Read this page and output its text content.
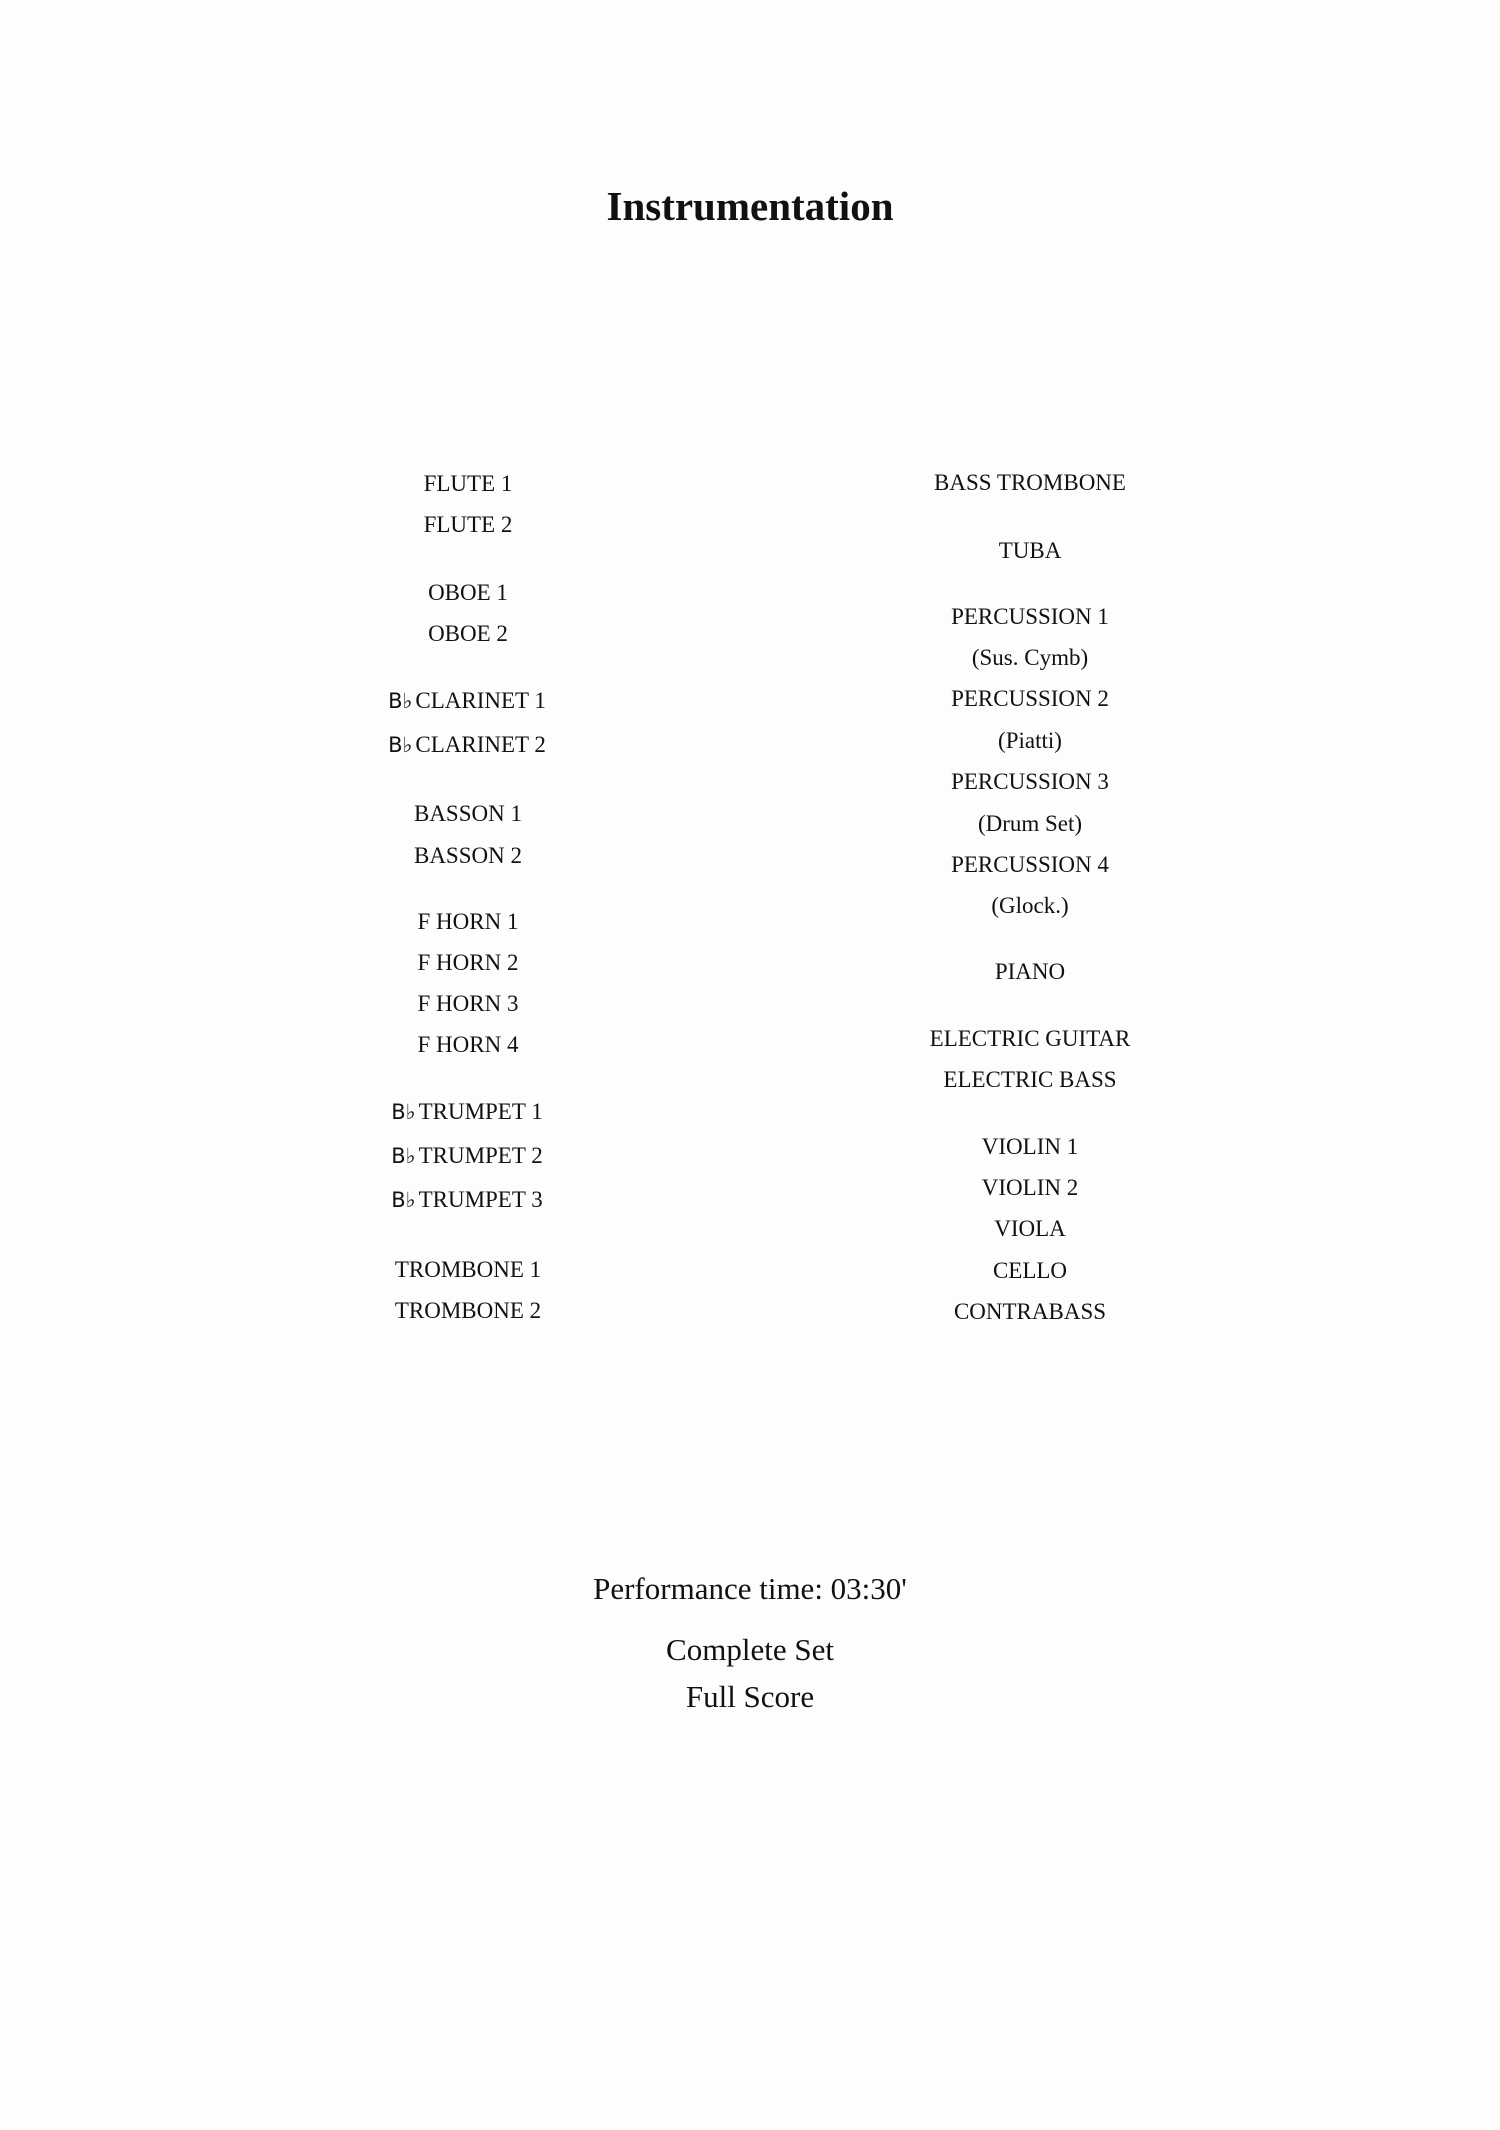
Instrumentation
FLUTE 1
FLUTE 2
OBOE 1
OBOE 2
B♭ CLARINET 1
B♭ CLARINET 2
BASSON 1
BASSON 2
F HORN 1
F HORN 2
F HORN 3
F HORN 4
B♭ TRUMPET 1
B♭ TRUMPET 2
B♭ TRUMPET 3
TROMBONE 1
TROMBONE 2
BASS TROMBONE
TUBA
PERCUSSION 1
(Sus. Cymb)
PERCUSSION 2
(Piatti)
PERCUSSION 3
(Drum Set)
PERCUSSION 4
(Glock.)
PIANO
ELECTRIC GUITAR
ELECTRIC BASS
VIOLIN 1
VIOLIN 2
VIOLA
CELLO
CONTRABASS
Performance time: 03:30'
Complete Set
Full Score
